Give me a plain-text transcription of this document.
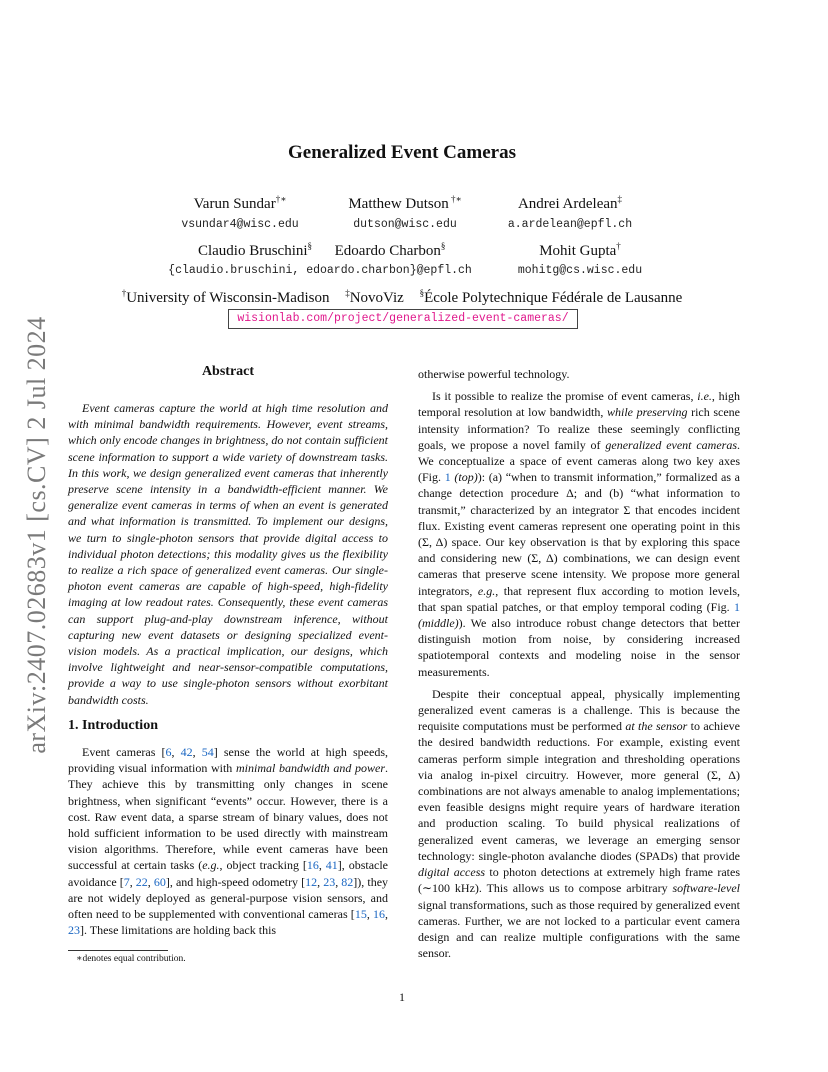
arXiv:2407.02683v1 [cs.CV] 2 Jul 2024
Generalized Event Cameras
Varun Sundar†∗
vsundar4@wisc.edu
Matthew Dutson †∗
dutson@wisc.edu
Andrei Ardelean‡
a.ardelean@epfl.ch
Claudio Bruschini§	Edoardo Charbon§
{claudio.bruschini, edoardo.charbon}@epfl.ch
Mohit Gupta†
mohitg@cs.wisc.edu
†University of Wisconsin-Madison ‡NovoViz §École Polytechnique Fédérale de Lausanne
wisionlab.com/project/generalized-event-cameras/
Abstract

Event cameras capture the world at high time resolution and with minimal bandwidth requirements. However, event streams, which only encode changes in brightness, do not contain sufficient scene information to support a wide variety of downstream tasks. In this work, we design generalized event cameras that inherently preserve scene intensity in a bandwidth-efficient manner. We generalize event cameras in terms of when an event is generated and what information is transmitted. To implement our designs, we turn to single-photon sensors that provide digital access to individual photon detections; this modality gives us the flexibility to realize a rich space of generalized event cameras. Our single-photon event cameras are capable of high-speed, high-fidelity imaging at low readout rates. Consequently, these event cameras can support plug-and-play downstream inference, without capturing new event datasets or designing specialized event-vision models. As a practical implication, our designs, which involve lightweight and near-sensor-compatible computations, provide a way to use single-photon sensors without exorbitant bandwidth costs.

1. Introduction

Event cameras [6, 42, 54] sense the world at high speeds, providing visual information with minimal bandwidth and power. They achieve this by transmitting only changes in scene brightness, when significant “events” occur. However, there is a cost. Raw event data, a sparse stream of binary values, does not hold sufficient information to be used directly with mainstream vision algorithms. Therefore, while event cameras have been successful at certain tasks (e.g., object tracking [16, 41], obstacle avoidance [7, 22, 60], and high-speed odometry [12, 23, 82]), they are not widely deployed as general-purpose vision sensors, and often need to be supplemented with conventional cameras [15, 16, 23]. These limitations are holding back this

∗denotes equal contribution.

otherwise powerful technology.

Is it possible to realize the promise of event cameras, i.e., high temporal resolution at low bandwidth, while preserving rich scene intensity information? To realize these seemingly conflicting goals, we propose a novel family of generalized event cameras. We conceptualize a space of event cameras along two key axes (Fig. 1 (top)): (a) “when to transmit information,” formalized as a change detection procedure Δ; and (b) “what information to transmit,” characterized by an integrator Σ that encodes incident flux. Existing event cameras represent one operating point in this (Σ, Δ) space. Our key observation is that by exploring this space and considering new (Σ, Δ) combinations, we can design event cameras that preserve scene intensity. We propose more general integrators, e.g., that represent flux according to motion levels, that span spatial patches, or that employ temporal coding (Fig. 1 (middle)). We also introduce robust change detectors that better distinguish motion from noise, by considering increased spatiotemporal contexts and modeling noise in the sensor measurements.

Despite their conceptual appeal, physically implementing generalized event cameras is a challenge. This is because the requisite computations must be performed at the sensor to achieve the desired bandwidth reductions. For example, existing event cameras perform simple integration and thresholding operations via analog in-pixel circuitry. However, more general (Σ, Δ) combinations are not always amenable to analog implementations; even feasible designs might require years of hardware iteration and production scaling. To build physical realizations of generalized event cameras, we leverage an emerging sensor technology: single-photon avalanche diodes (SPADs) that provide digital access to photon detections at extremely high frame rates (∼100 kHz). This allows us to compose arbitrary software-level signal transformations, such as those required by generalized event cameras. Further, we are not locked to a particular event camera design and can realize multiple configurations with the same sensor.

1
